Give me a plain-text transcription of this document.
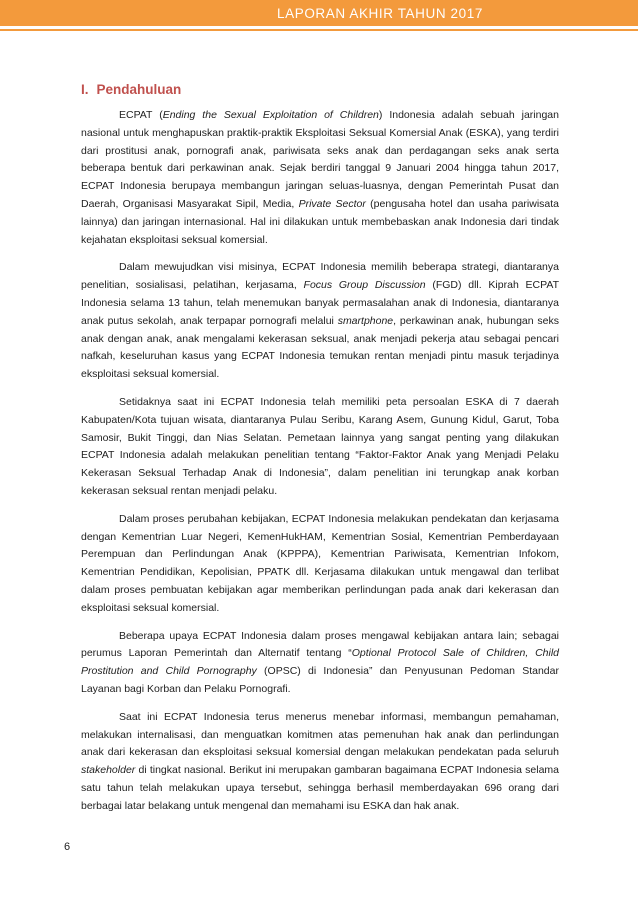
LAPORAN AKHIR TAHUN 2017
I. Pendahuluan

ECPAT (Ending the Sexual Exploitation of Children) Indonesia adalah sebuah jaringan nasional untuk menghapuskan praktik-praktik Eksploitasi Seksual Komersial Anak (ESKA), yang terdiri dari prostitusi anak, pornografi anak, pariwisata seks anak dan perdagangan seks anak serta beberapa bentuk dari perkawinan anak. Sejak berdiri tanggal 9 Januari 2004 hingga tahun 2017, ECPAT Indonesia berupaya membangun jaringan seluas-luasnya, dengan Pemerintah Pusat dan Daerah, Organisasi Masyarakat Sipil, Media, Private Sector (pengusaha hotel dan usaha pariwisata lainnya) dan jaringan internasional. Hal ini dilakukan untuk membebaskan anak Indonesia dari tindak kejahatan eksploitasi seksual komersial.

Dalam mewujudkan visi misinya, ECPAT Indonesia memilih beberapa strategi, diantaranya penelitian, sosialisasi, pelatihan, kerjasama, Focus Group Discussion (FGD) dll. Kiprah ECPAT Indonesia selama 13 tahun, telah menemukan banyak permasalahan anak di Indonesia, diantaranya anak putus sekolah, anak terpapar pornografi melalui smartphone, perkawinan anak, hubungan seks anak dengan anak, anak mengalami kekerasan seksual, anak menjadi pekerja atau sebagai pencari nafkah, keseluruhan kasus yang ECPAT Indonesia temukan rentan menjadi pintu masuk terjadinya eksploitasi seksual komersial.

Setidaknya saat ini ECPAT Indonesia telah memiliki peta persoalan ESKA di 7 daerah Kabupaten/Kota tujuan wisata, diantaranya Pulau Seribu, Karang Asem, Gunung Kidul, Garut, Toba Samosir, Bukit Tinggi, dan Nias Selatan. Pemetaan lainnya yang sangat penting yang dilakukan ECPAT Indonesia adalah melakukan penelitian tentang “Faktor-Faktor Anak yang Menjadi Pelaku Kekerasan Seksual Terhadap Anak di Indonesia”, dalam penelitian ini terungkap anak korban kekerasan seksual rentan menjadi pelaku.

Dalam proses perubahan kebijakan, ECPAT Indonesia melakukan pendekatan dan kerjasama dengan Kementrian Luar Negeri, KemenHukHAM, Kementrian Sosial, Kementrian Pemberdayaan Perempuan dan Perlindungan Anak (KPPPA), Kementrian Pariwisata, Kementrian Infokom, Kementrian Pendidikan, Kepolisian, PPATK dll. Kerjasama dilakukan untuk mengawal dan terlibat dalam proses pembuatan kebijakan agar memberikan perlindungan pada anak dari kekerasan dan eksploitasi seksual komersial.

Beberapa upaya ECPAT Indonesia dalam proses mengawal kebijakan antara lain; sebagai perumus Laporan Pemerintah dan Alternatif tentang “Optional Protocol Sale of Children, Child Prostitution and Child Pornography (OPSC) di Indonesia” dan Penyusunan Pedoman Standar Layanan bagi Korban dan Pelaku Pornografi.

Saat ini ECPAT Indonesia terus menerus menebar informasi, membangun pemahaman, melakukan internalisasi, dan menguatkan komitmen atas pemenuhan hak anak dan perlindungan anak dari kekerasan dan eksploitasi seksual komersial dengan melakukan pendekatan pada seluruh stakeholder di tingkat nasional. Berikut ini merupakan gambaran bagaimana ECPAT Indonesia selama satu tahun telah melakukan upaya tersebut, sehingga berhasil memberdayakan 696 orang dari berbagai latar belakang untuk mengenal dan memahami isu ESKA dan hak anak.

6
